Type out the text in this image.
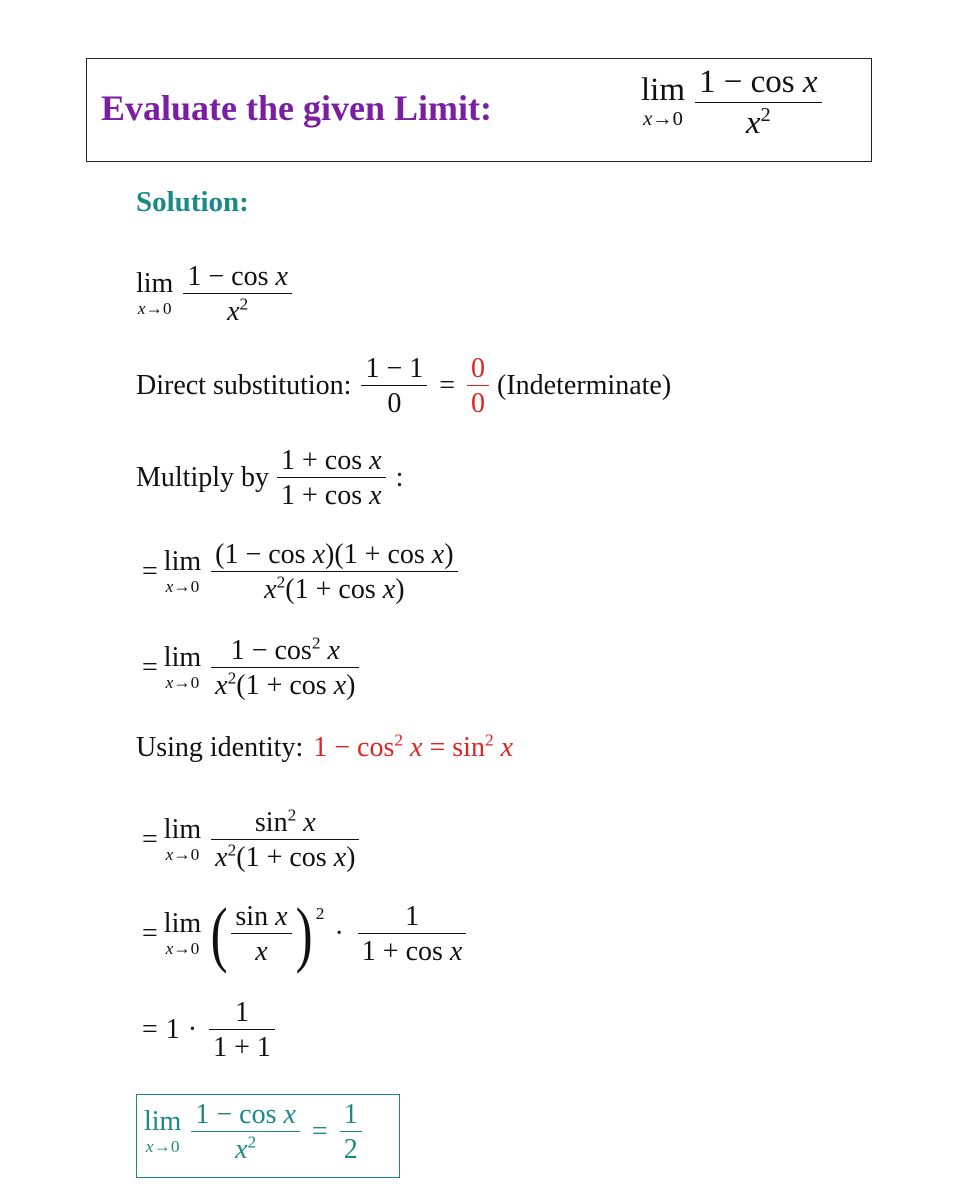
Evaluate the given Limit:	lim
$x\to 0 \frac{\text{1 − cos x}}{x^2}$
Solution:
lim
$x\to 0 \frac{\text{1 − cos x}}{x^2}$
Direct substitution: $\frac{1 - 1}{0} = \frac{0}{0}$ (Indeterminate)
Multiply by $\frac{\text{1 + cos x}}{\text{1 + cos x}}$ :
= lim
$x\to 0 \frac{\text{(1 − cos x)(1 + cos x)}}{x^2(1 + \cos x)}$
= lim
$x\to 0 \frac{1 - \cos^2 x}{x^2(1 + \cos x)}$
Using identity: $1 - \cos^2 x = \sin^2 x$
= lim
$x\to 0 \frac{\sin^2 x}{x^2(1 + \cos x)}$
= lim
x→0 ( $\frac{\text{sin x}}{x}$ ) 2
· $\frac{1}{\text{1 + cos x}}$
= $1 \cdot \frac{1}{1 + 1}$
lim
$x\to 0 \frac{\text{1 − cos x}}{x^2} = \frac{1}{2}$
